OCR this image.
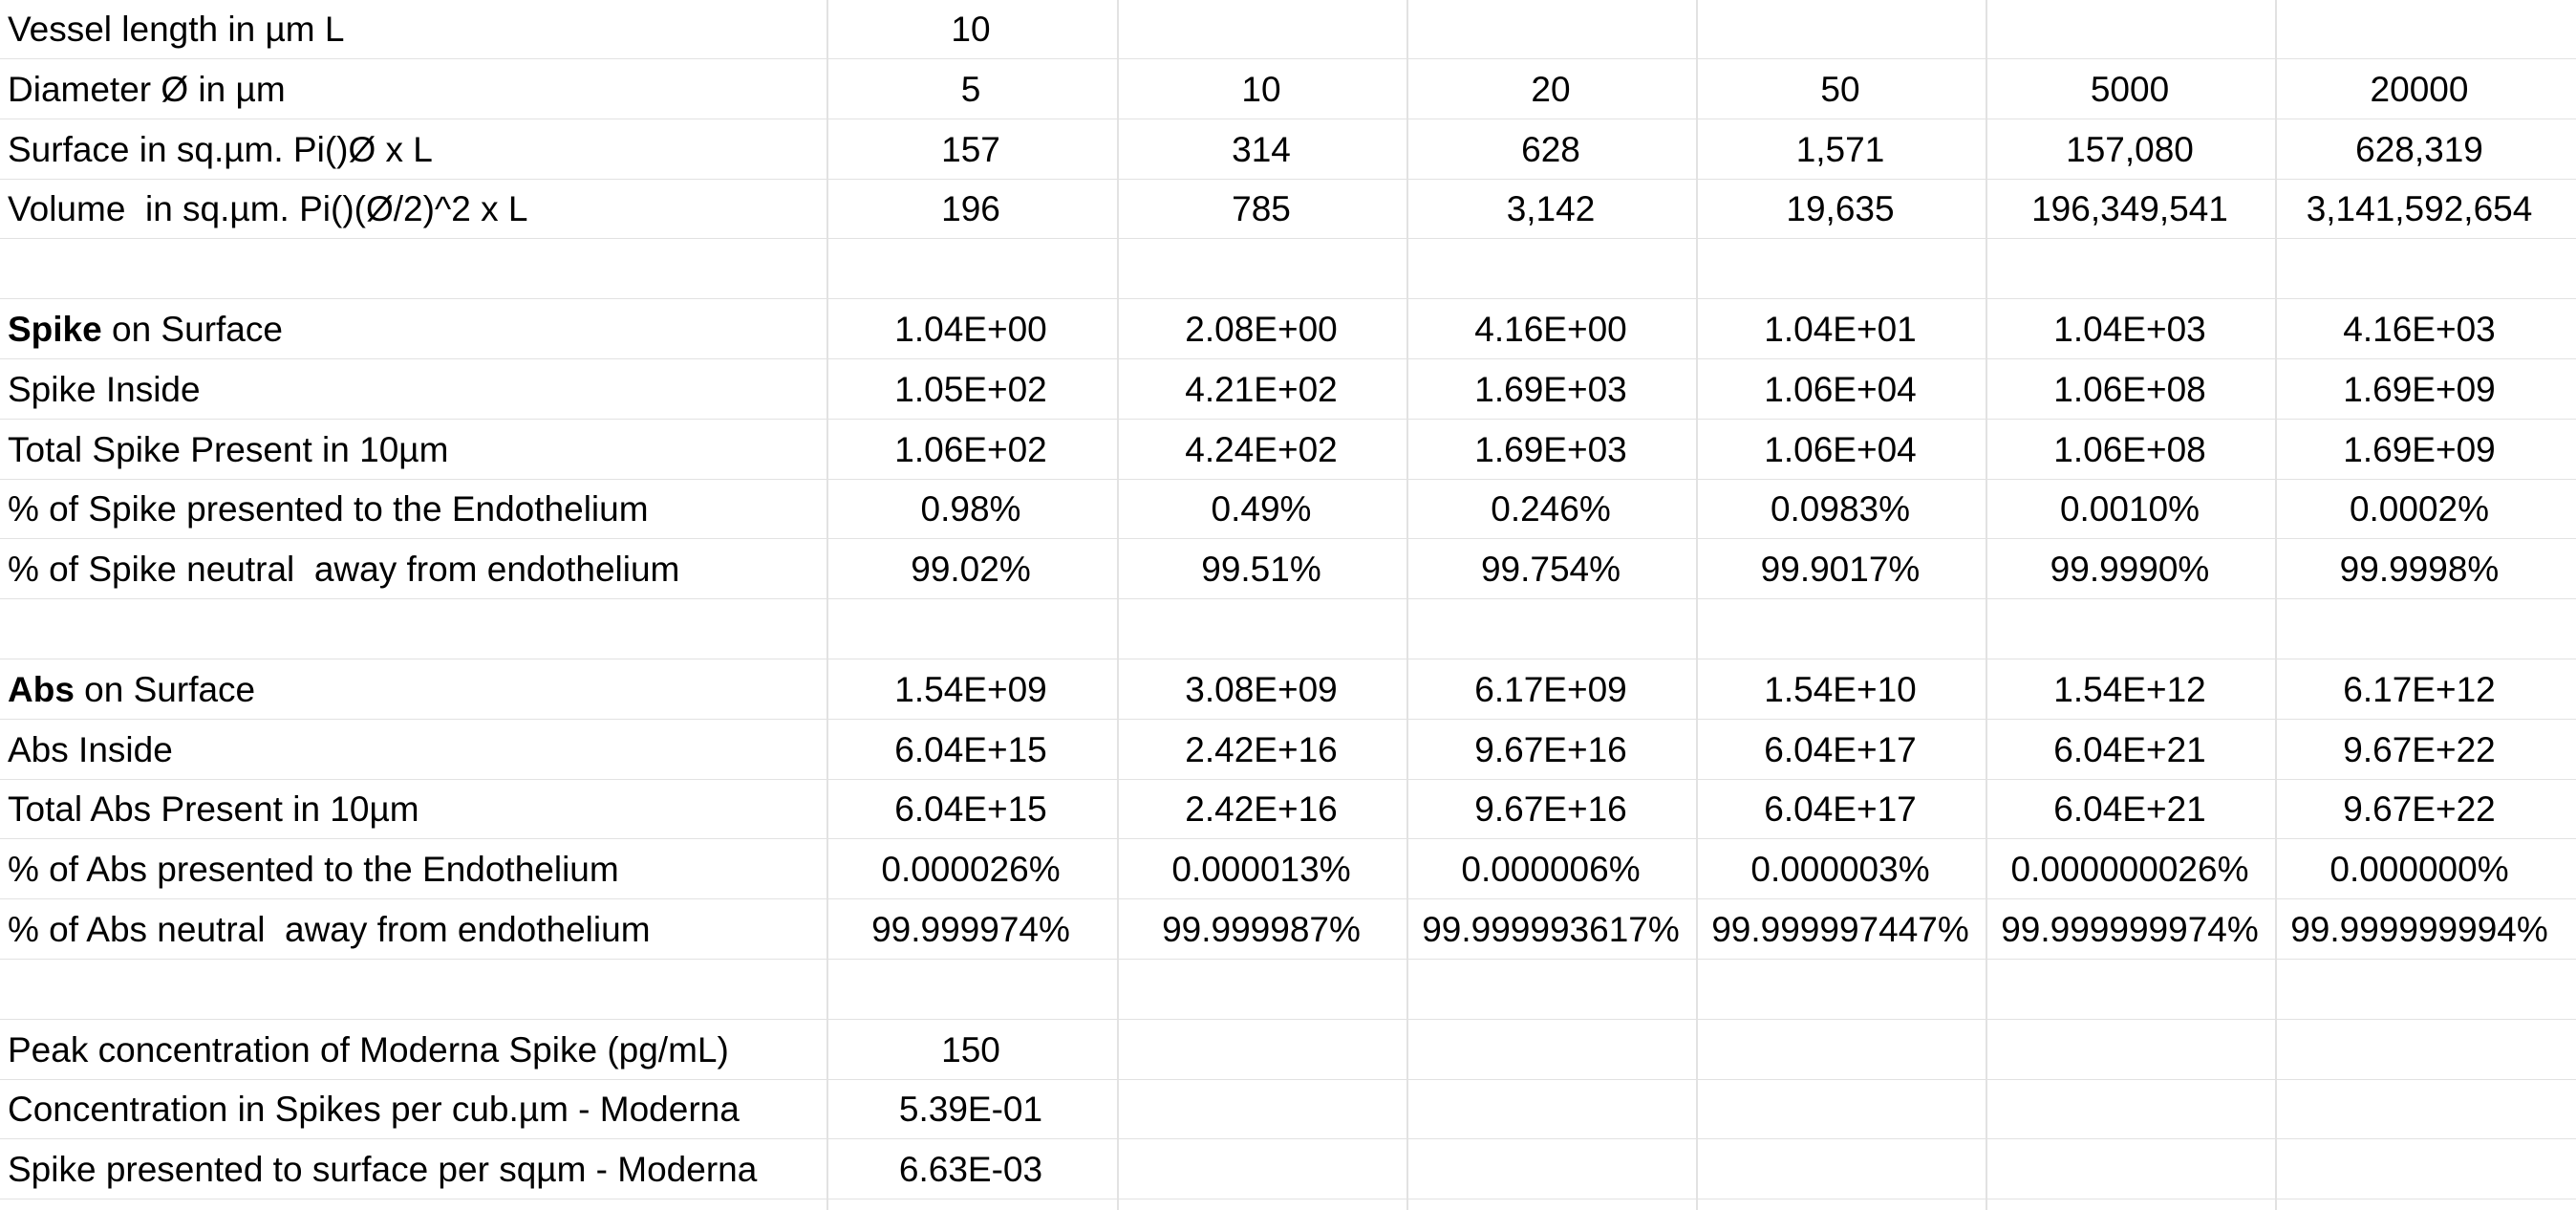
Vessel length in µm L	10
Diameter Ø in µm	5	10	20	50	5000	20000
Surface in sq.µm. Pi()Ø x L	157	314	628	1,571	157,080	628,319
Volume  in sq.µm. Pi()(Ø/2)^2 x L	196	785	3,142	19,635	196,349,541	3,141,592,654
Spike on Surface	1.04E+00	2.08E+00	4.16E+00	1.04E+01	1.04E+03	4.16E+03
Spike Inside	1.05E+02	4.21E+02	1.69E+03	1.06E+04	1.06E+08	1.69E+09
Total Spike Present in 10µm	1.06E+02	4.24E+02	1.69E+03	1.06E+04	1.06E+08	1.69E+09
% of Spike presented to the Endothelium	0.98%	0.49%	0.246%	0.0983%	0.0010%	0.0002%
% of Spike neutral  away from endothelium	99.02%	99.51%	99.754%	99.9017%	99.9990%	99.9998%
Abs on Surface	1.54E+09	3.08E+09	6.17E+09	1.54E+10	1.54E+12	6.17E+12
Abs Inside	6.04E+15	2.42E+16	9.67E+16	6.04E+17	6.04E+21	9.67E+22
Total Abs Present in 10µm	6.04E+15	2.42E+16	9.67E+16	6.04E+17	6.04E+21	9.67E+22
% of Abs presented to the Endothelium	0.000026%	0.000013%	0.000006%	0.000003%	0.000000026%	0.000000%
% of Abs neutral  away from endothelium	99.999974%	99.999987%	99.999993617% 99.999997447% 99.999999974% 99.999999994%
Peak concentration of Moderna Spike (pg/mL)	150
Concentration in Spikes per cub.µm - Moderna	5.39E-01
Spike presented to surface per sqµm - Moderna	6.63E-03
